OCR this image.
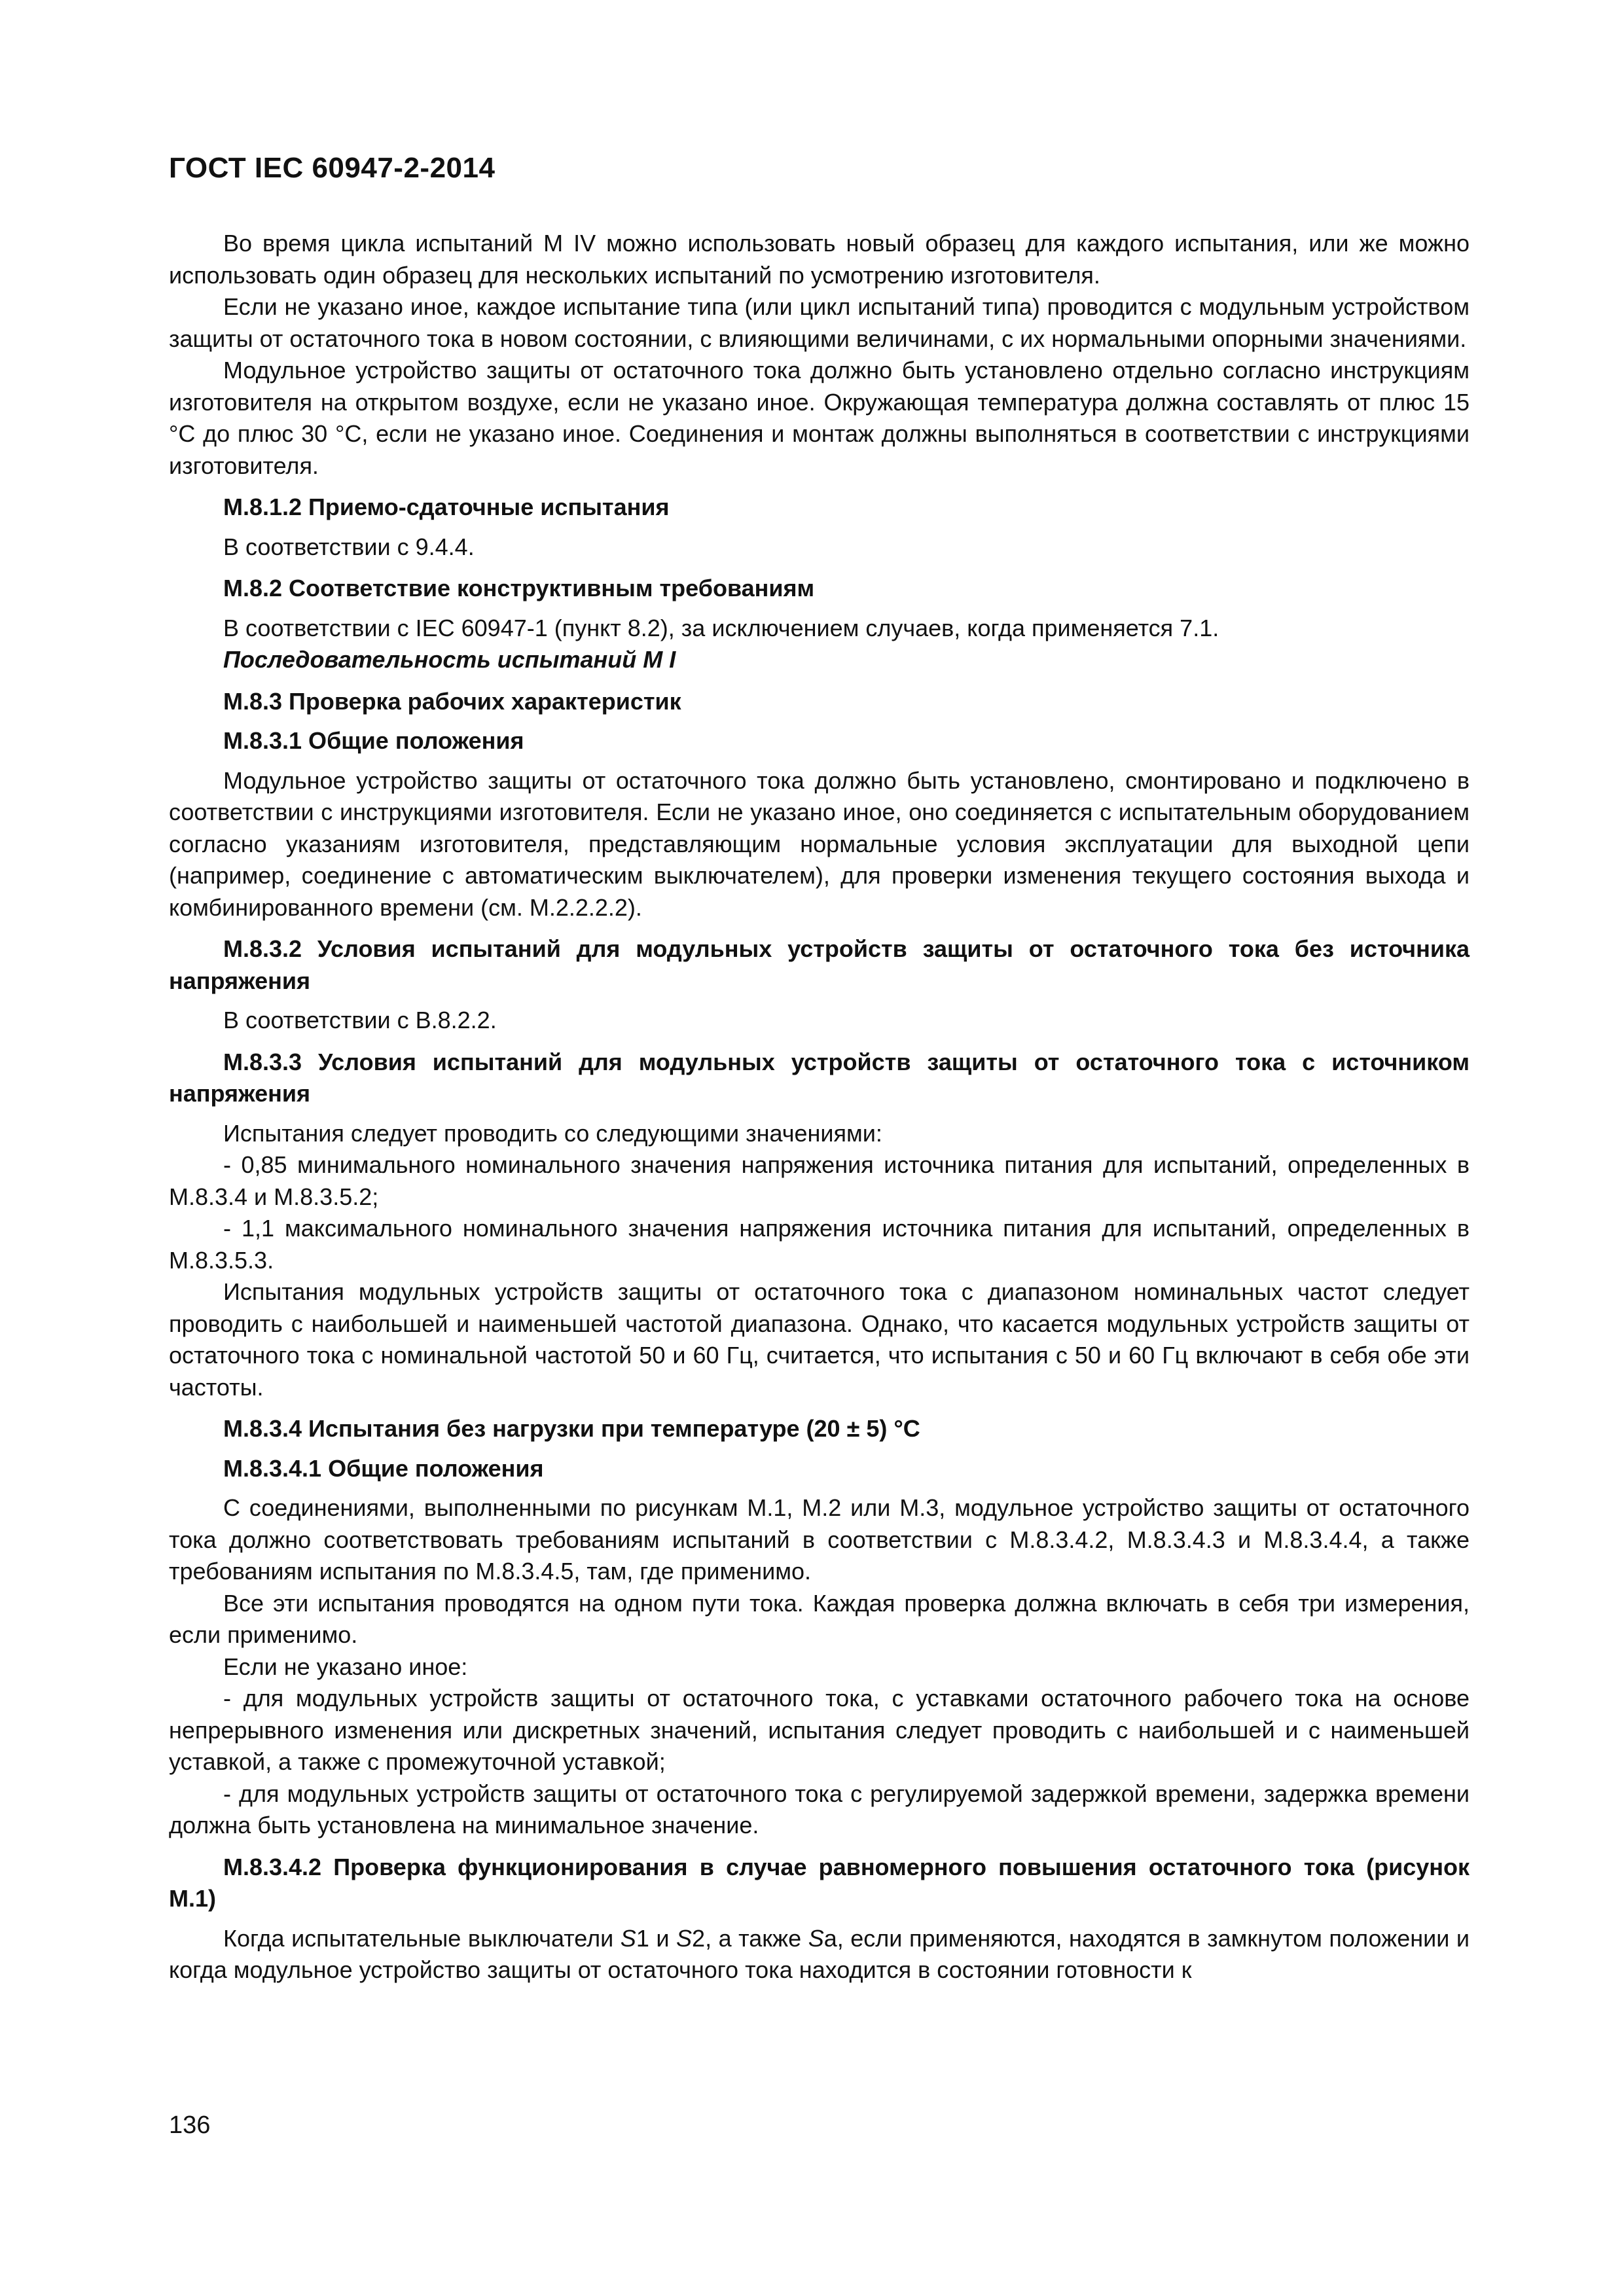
ГОСТ IEC 60947-2-2014

Во время цикла испытаний M IV можно использовать новый образец для каждого испытания, или же можно использовать один образец для нескольких испытаний по усмотрению изготовителя.

Если не указано иное, каждое испытание типа (или цикл испытаний типа) проводится с модульным устройством защиты от остаточного тока в новом состоянии, с влияющими величинами, с их нормальными опорными значениями.

Модульное устройство защиты от остаточного тока должно быть установлено отдельно согласно инструкциям изготовителя на открытом воздухе, если не указано иное. Окружающая температура должна составлять от плюс 15 °С до плюс 30 °С, если не указано иное. Соединения и монтаж должны выполняться в соответствии с инструкциями изготовителя.

M.8.1.2 Приемо-сдаточные испытания

В соответствии с 9.4.4.

M.8.2 Соответствие конструктивным требованиям

В соответствии с IEC 60947-1 (пункт 8.2), за исключением случаев, когда применяется 7.1.

Последовательность испытаний M I

M.8.3 Проверка рабочих характеристик

M.8.3.1 Общие положения

Модульное устройство защиты от остаточного тока должно быть установлено, смонтировано и подключено в соответствии с инструкциями изготовителя. Если не указано иное, оно соединяется с испытательным оборудованием согласно указаниям изготовителя, представляющим нормальные условия эксплуатации для выходной цепи (например, соединение с автоматическим выключателем), для проверки изменения текущего состояния выхода и комбинированного времени (см. M.2.2.2.2).

M.8.3.2 Условия испытаний для модульных устройств защиты от остаточного тока без источника напряжения

В соответствии с B.8.2.2.

M.8.3.3 Условия испытаний для модульных устройств защиты от остаточного тока с источником напряжения

Испытания следует проводить со следующими значениями:

- 0,85 минимального номинального значения напряжения источника питания для испытаний, определенных в M.8.3.4 и M.8.3.5.2;

- 1,1 максимального номинального значения напряжения источника питания для испытаний, определенных в M.8.3.5.3.

Испытания модульных устройств защиты от остаточного тока с диапазоном номинальных частот следует проводить с наибольшей и наименьшей частотой диапазона. Однако, что касается модульных устройств защиты от остаточного тока с номинальной частотой 50 и 60 Гц, считается, что испытания с 50 и 60 Гц включают в себя обе эти частоты.

M.8.3.4 Испытания без нагрузки при температуре (20 ± 5) °С

M.8.3.4.1 Общие положения

С соединениями, выполненными по рисункам M.1, M.2 или M.3, модульное устройство защиты от остаточного тока должно соответствовать требованиям испытаний в соответствии с M.8.3.4.2, M.8.3.4.3 и M.8.3.4.4, а также требованиям испытания по M.8.3.4.5, там, где применимо.

Все эти испытания проводятся на одном пути тока. Каждая проверка должна включать в себя три измерения, если применимо.

Если не указано иное:

- для модульных устройств защиты от остаточного тока, с уставками остаточного рабочего тока на основе непрерывного изменения или дискретных значений, испытания следует проводить с наибольшей и с наименьшей уставкой, а также с промежуточной уставкой;

- для модульных устройств защиты от остаточного тока с регулируемой задержкой времени, задержка времени должна быть установлена на минимальное значение.

M.8.3.4.2 Проверка функционирования в случае равномерного повышения остаточного тока (рисунок M.1)

Когда испытательные выключатели S1 и S2, а также Sa, если применяются, находятся в замкнутом положении и когда модульное устройство защиты от остаточного тока находится в состоянии готовности к

136
